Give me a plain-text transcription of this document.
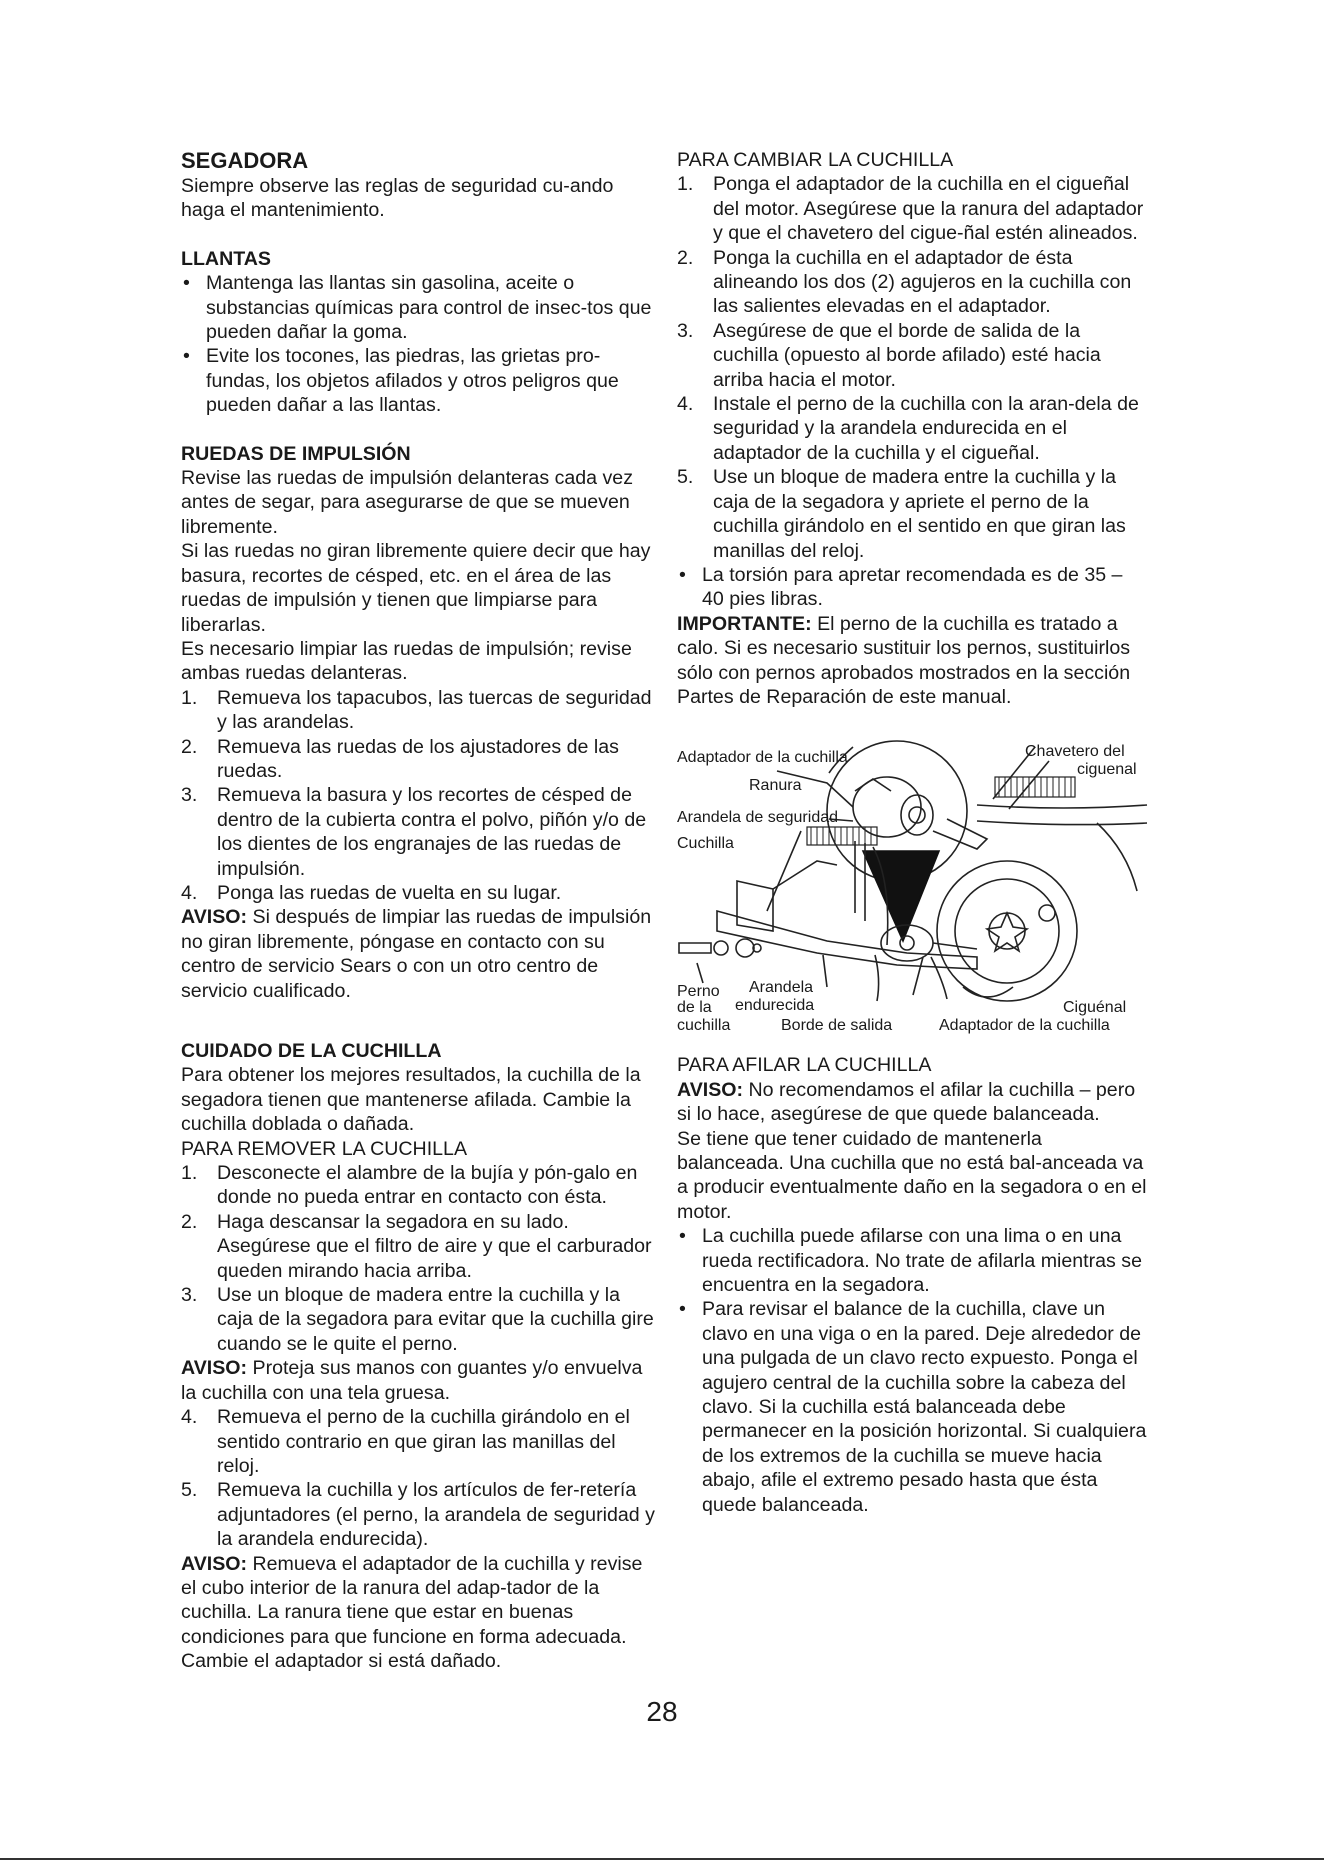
SEGADORA

Siempre observe las reglas de seguridad cu-ando haga el mantenimiento.

LLANTAS
• Mantenga las llantas sin gasolina, aceite o substancias químicas para control de insec-tos que pueden dañar la goma.
• Evite los tocones, las piedras, las grietas pro-fundas, los objetos afilados y otros peligros que pueden dañar a las llantas.
RUEDAS DE IMPULSIÓN

Revise las ruedas de impulsión delanteras cada vez antes de segar, para asegurarse de que se mueven libremente.

Si las ruedas no giran libremente quiere decir que hay basura, recortes de césped, etc. en el área de las ruedas de impulsión y tienen que limpiarse para liberarlas.

Es necesario limpiar las ruedas de impulsión; revise ambas ruedas delanteras.

1.	Remueva los tapacubos, las tuercas de seguridad y las arandelas.
2.	Remueva las ruedas de los ajustadores de las ruedas.
3.	Remueva la basura y los recortes de césped de dentro de la cubierta contra el polvo, piñón y/o de los dientes de los engranajes de las ruedas de impulsión.
4.	Ponga las ruedas de vuelta en su lugar.

AVISO: Si después de limpiar las ruedas de impulsión no giran libremente, póngase en contacto con su centro de servicio Sears o con un otro centro de servicio cualificado.

CUIDADO DE LA CUCHILLA

Para obtener los mejores resultados, la cuchilla de la segadora tienen que mantenerse afilada. Cambie la cuchilla doblada o dañada.

PARA REMOVER LA CUCHILLA

1.	Desconecte el alambre de la bujía y pón-galo en donde no pueda entrar en contacto con ésta.
2.	Haga descansar la segadora en su lado. Asegúrese que el filtro de aire y que el carburador queden mirando hacia arriba.
3.	Use un bloque de madera entre la cuchilla y la caja de la segadora para evitar que la cuchilla gire cuando se le quite el perno.

AVISO: Proteja sus manos con guantes y/o envuelva la cuchilla con una tela gruesa.

4.	Remueva el perno de la cuchilla girándolo en el sentido contrario en que giran las manillas del reloj.
5.	Remueva la cuchilla y los artículos de fer-retería adjuntadores (el perno, la arandela de seguridad y la arandela endurecida).

AVISO: Remueva el adaptador de la cuchilla y revise el cubo interior de la ranura del adap-tador de la cuchilla. La ranura tiene que estar en buenas condiciones para que funcione en forma adecuada. Cambie el adaptador si está dañado.

PARA CAMBIAR LA CUCHILLA

1.	Ponga el adaptador de la cuchilla en el cigueñal del motor. Asegúrese que la ranura del adaptador y que el chavetero del cigue-ñal estén alineados.
2.	Ponga la cuchilla en el adaptador de ésta alineando los dos (2) agujeros en la cuchilla con las salientes elevadas en el adaptador.
3.	Asegúrese de que el borde de salida de la cuchilla (opuesto al borde afilado) esté hacia arriba hacia el motor.
4.	Instale el perno de la cuchilla con la aran-dela de seguridad y la arandela endurecida en el adaptador de la cuchilla y el cigueñal.
5.	Use un bloque de madera entre la cuchilla y la caja de la segadora y apriete el perno de la cuchilla girándolo en el sentido en que giran las manillas del reloj.
• La torsión para apretar recomendada es de 35 – 40 pies libras.

IMPORTANTE: El perno de la cuchilla es tratado a calo. Si es necesario sustituir los pernos, sustituirlos sólo con pernos aprobados mostrados en la sección Partes de Reparación de este manual.

Adaptador de la cuchilla
Ranura
Arandela de seguridad
Cuchilla
Chavetero del
ciguenal
Perno
de la
cuchilla
Arandela
endurecida
Borde de salida	Adaptador de la cuchilla
Ciguénal

PARA AFILAR LA CUCHILLA

AVISO: No recomendamos el afilar la cuchilla – pero si lo hace, asegúrese de que quede balanceada.

Se tiene que tener cuidado de mantenerla balanceada. Una cuchilla que no está bal-anceada va a producir eventualmente daño en la segadora o en el motor.

• La cuchilla puede afilarse con una lima o en una rueda rectificadora. No trate de afilarla mientras se encuentra en la segadora.
• Para revisar el balance de la cuchilla, clave un clavo en una viga o en la pared. Deje alrededor de una pulgada de un clavo recto expuesto. Ponga el agujero central de la cuchilla sobre la cabeza del clavo. Si la cuchilla está balanceada debe permanecer en la posición horizontal. Si cualquiera de los extremos de la cuchilla se mueve hacia abajo, afile el extremo pesado hasta que ésta quede balanceada.
28
